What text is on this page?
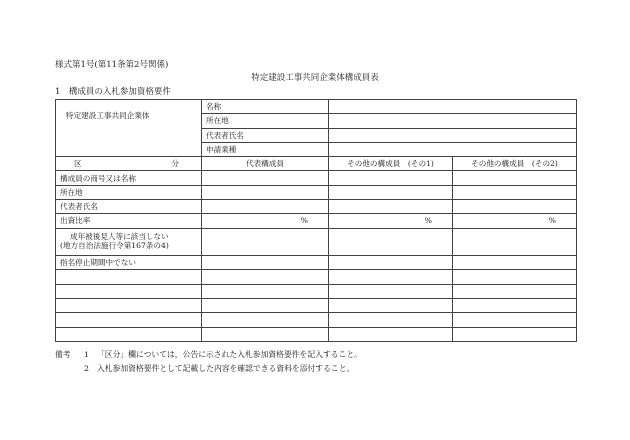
様式第1号(第11条第2号関係)
特定建設工事共同企業体構成員表
1　構成員の入札参加資格要件
特定建設工事共同企業体	名称		
	所在地		
	代表者氏名		
	申請業種		

区 分	代表構成員	その他の構成員　(その1)	その他の構成員　(その2)
構成員の商号又は名称			
所在地			
代表者氏名			
出資比率	%	%	%

成年被後見人等に該当しない
(地方自治法施行令第167条の4)			

指名停止期間中でない			

備考	1	「区分」欄については，公告に示された入札参加資格要件を記入すること。
2	入札参加資格要件として記載した内容を確認できる資料を添付すること。
